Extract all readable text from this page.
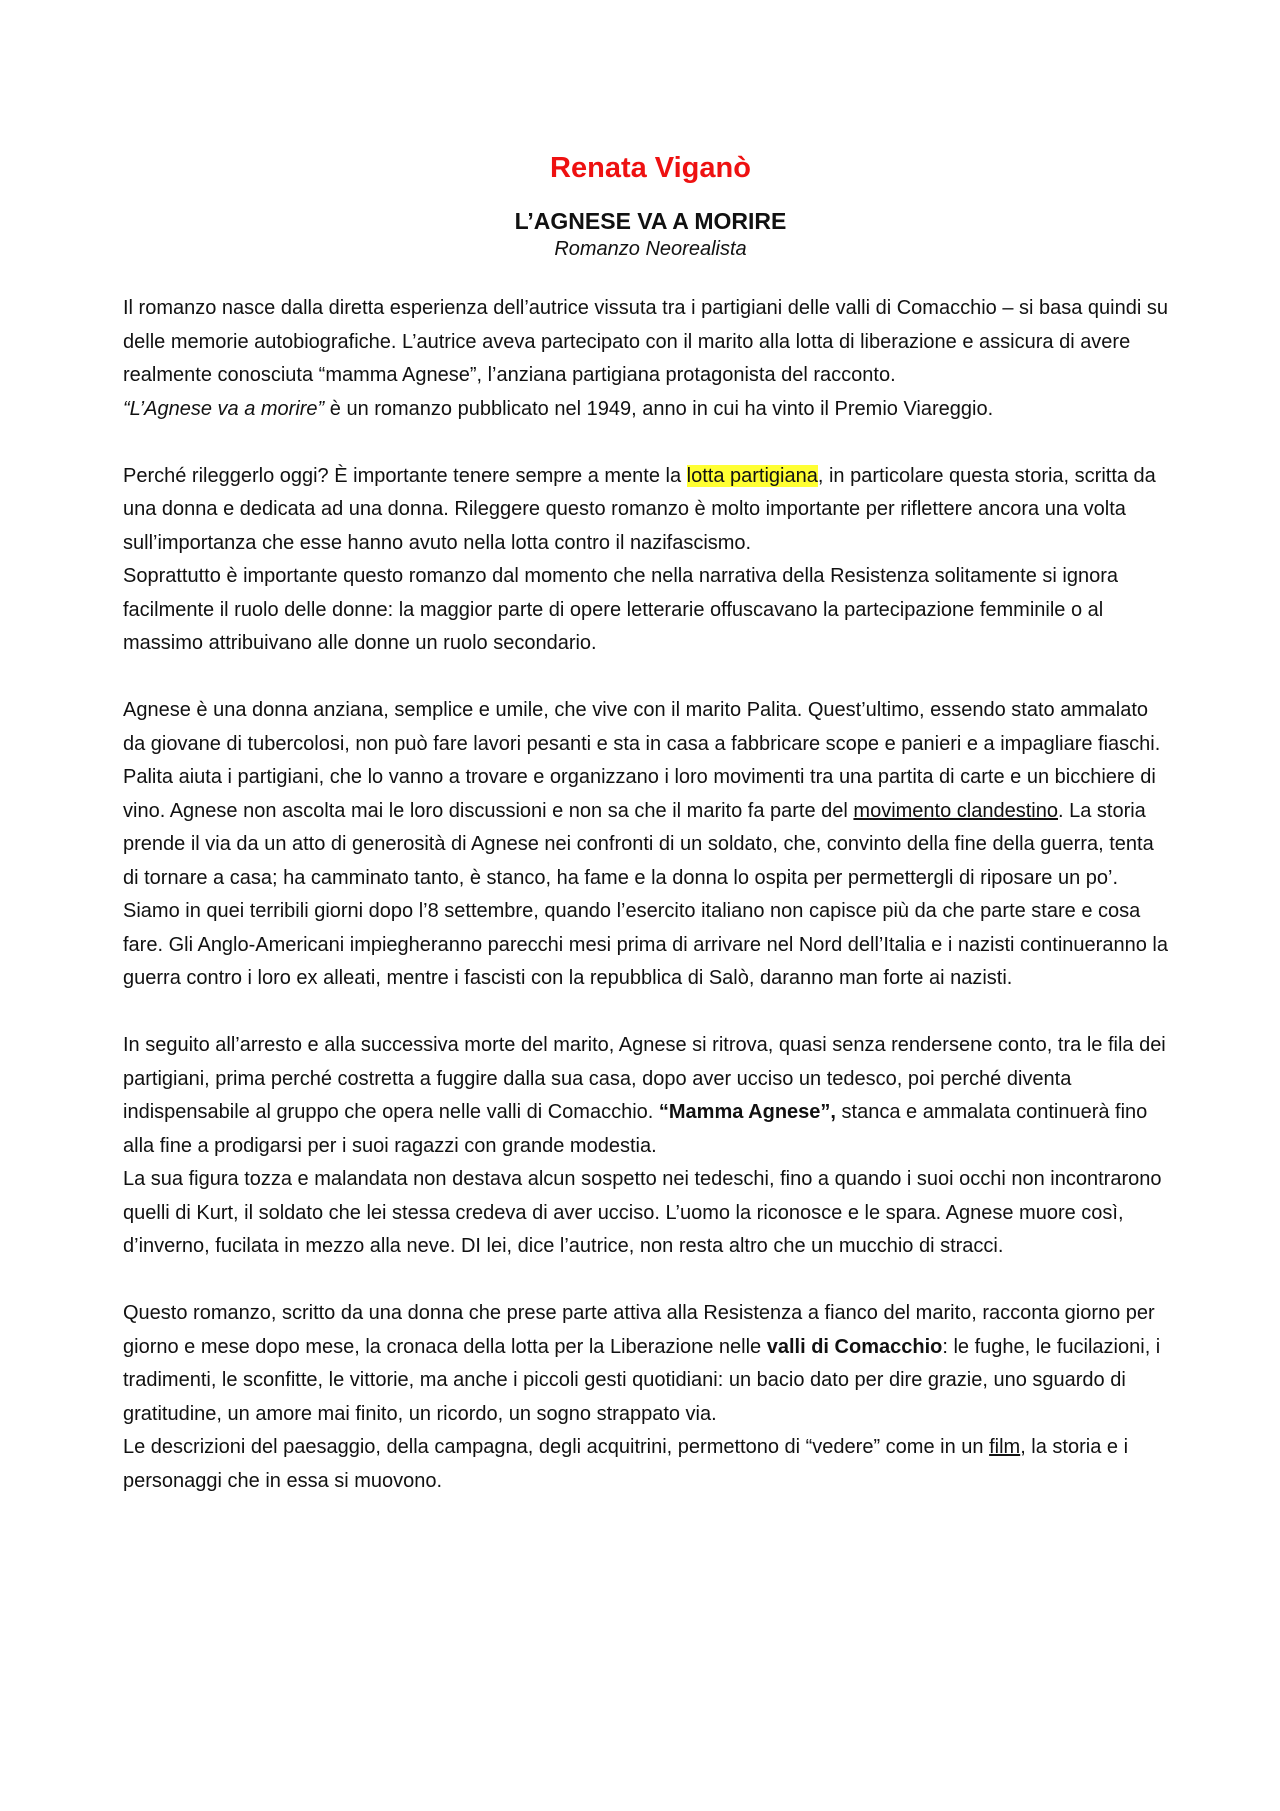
Renata Viganò
L’AGNESE VA A MORIRE
Romanzo Neorealista

Il romanzo nasce dalla diretta esperienza dell’autrice vissuta tra i partigiani delle valli di Comacchio – si basa quindi su delle memorie autobiografiche. L’autrice aveva partecipato con il marito alla lotta di liberazione e assicura di avere realmente conosciuta “mamma Agnese”, l’anziana partigiana protagonista del racconto.
“L’Agnese va a morire” è un romanzo pubblicato nel 1949, anno in cui ha vinto il Premio Viareggio.

Perché rileggerlo oggi? È importante tenere sempre a mente la lotta partigiana, in particolare questa storia, scritta da una donna e dedicata ad una donna. Rileggere questo romanzo è molto importante per riflettere ancora una volta sull’importanza che esse hanno avuto nella lotta contro il nazifascismo.
Soprattutto è importante questo romanzo dal momento che nella narrativa della Resistenza solitamente si ignora facilmente il ruolo delle donne: la maggior parte di opere letterarie offuscavano la partecipazione femminile o al massimo attribuivano alle donne un ruolo secondario.

Agnese è una donna anziana, semplice e umile, che vive con il marito Palita. Quest’ultimo, essendo stato ammalato da giovane di tubercolosi, non può fare lavori pesanti e sta in casa a fabbricare scope e panieri e a impagliare fiaschi. Palita aiuta i partigiani, che lo vanno a trovare e organizzano i loro movimenti tra una partita di carte e un bicchiere di vino. Agnese non ascolta mai le loro discussioni e non sa che il marito fa parte del movimento clandestino. La storia prende il via da un atto di generosità di Agnese nei confronti di un soldato, che, convinto della fine della guerra, tenta di tornare a casa; ha camminato tanto, è stanco, ha fame e la donna lo ospita per permettergli di riposare un po’.
Siamo in quei terribili giorni dopo l’8 settembre, quando l’esercito italiano non capisce più da che parte stare e cosa fare. Gli Anglo-Americani impiegheranno parecchi mesi prima di arrivare nel Nord dell’Italia e i nazisti continueranno la guerra contro i loro ex alleati, mentre i fascisti con la repubblica di Salò, daranno man forte ai nazisti.

In seguito all’arresto e alla successiva morte del marito, Agnese si ritrova, quasi senza rendersene conto, tra le fila dei partigiani, prima perché costretta a fuggire dalla sua casa, dopo aver ucciso un tedesco, poi perché diventa indispensabile al gruppo che opera nelle valli di Comacchio. “Mamma Agnese”, stanca e ammalata continuerà fino alla fine a prodigarsi per i suoi ragazzi con grande modestia.
La sua figura tozza e malandata non destava alcun sospetto nei tedeschi, fino a quando i suoi occhi non incontrarono quelli di Kurt, il soldato che lei stessa credeva di aver ucciso. L’uomo la riconosce e le spara. Agnese muore così, d’inverno, fucilata in mezzo alla neve. DI lei, dice l’autrice, non resta altro che un mucchio di stracci.

Questo romanzo, scritto da una donna che prese parte attiva alla Resistenza a fianco del marito, racconta giorno per giorno e mese dopo mese, la cronaca della lotta per la Liberazione nelle valli di Comacchio: le fughe, le fucilazioni, i tradimenti, le sconfitte, le vittorie, ma anche i piccoli gesti quotidiani: un bacio dato per dire grazie, uno sguardo di gratitudine, un amore mai finito, un ricordo, un sogno strappato via.
Le descrizioni del paesaggio, della campagna, degli acquitrini, permettono di “vedere” come in un film, la storia e i personaggi che in essa si muovono.
